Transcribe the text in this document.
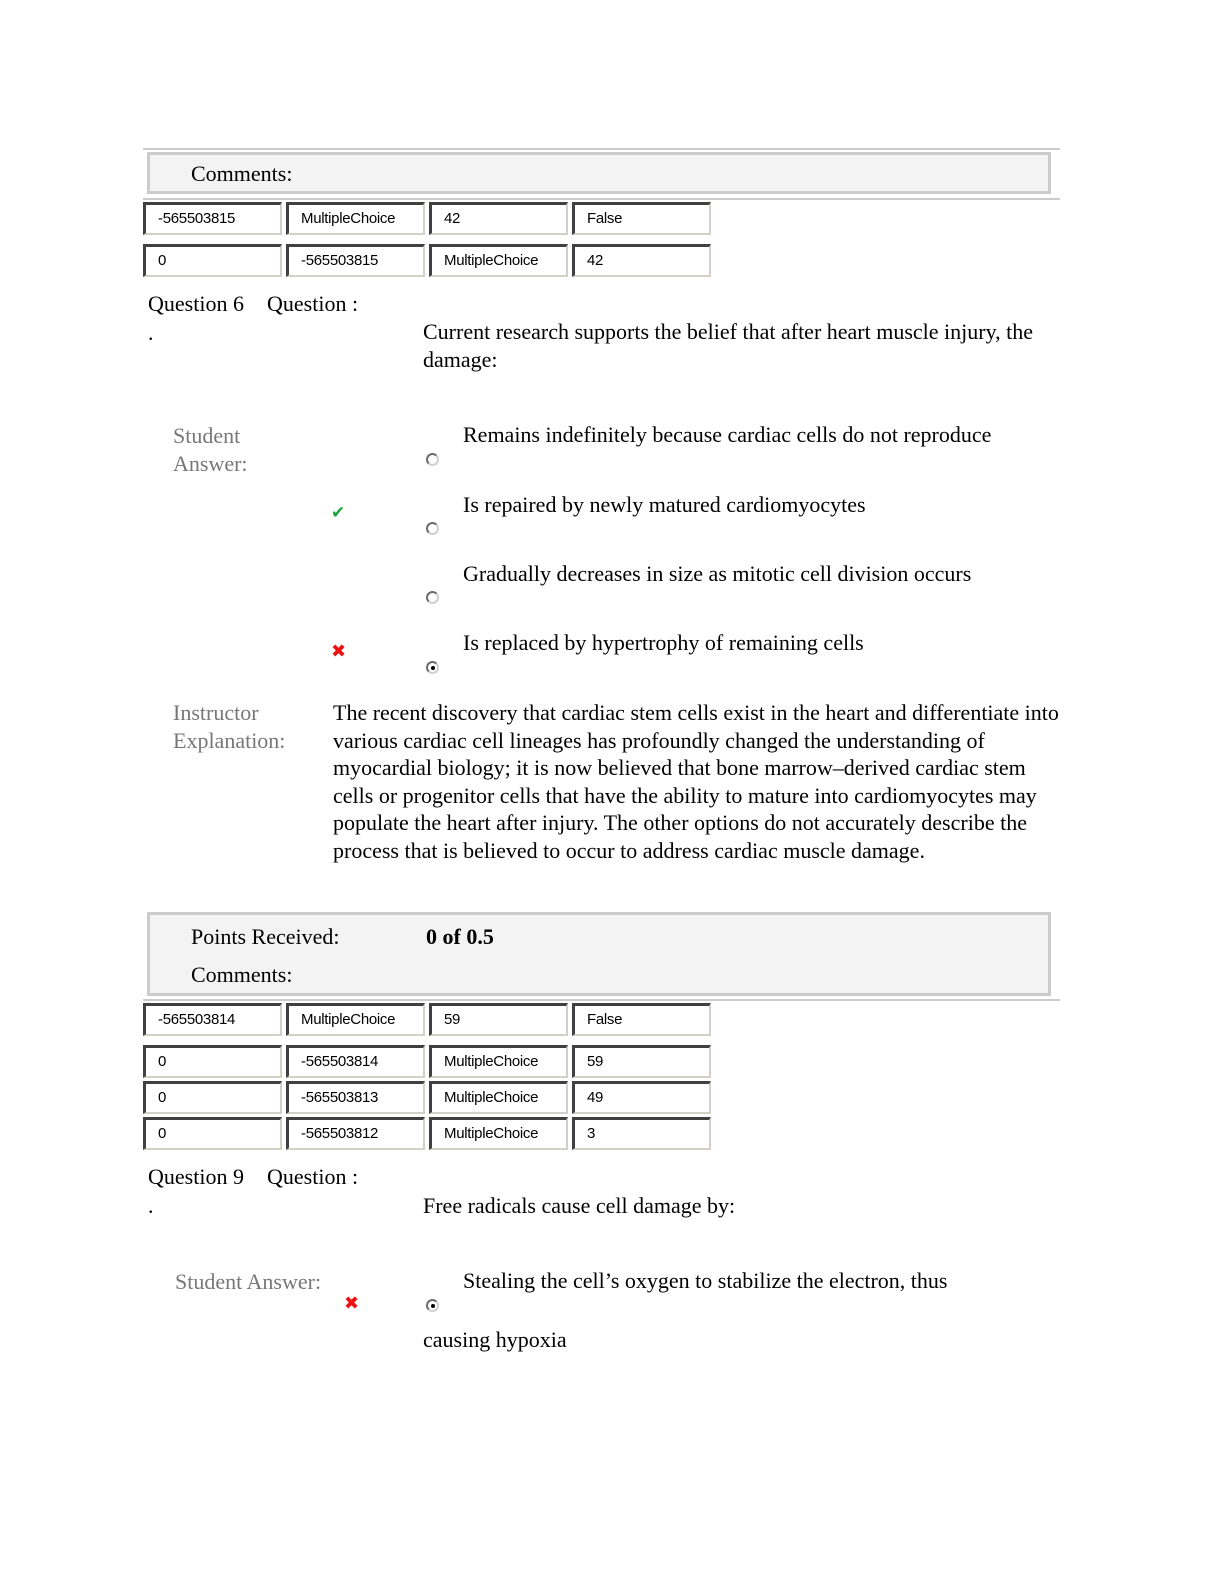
Comments:
-565503815	MultipleChoice	42	False
0	-565503815	MultipleChoice	42
Question 6 Question :
.	Current research supports the belief that after heart muscle injury, the damage:
Student
Answer:
Remains indefinitely because cardiac cells do not reproduce
✔	Is repaired by newly matured cardiomyocytes
Gradually decreases in size as mitotic cell division occurs
✖	Is replaced by hypertrophy of remaining cells
Instructor
Explanation:
The recent discovery that cardiac stem cells exist in the heart and differentiate into various cardiac cell lineages has profoundly changed the understanding of myocardial biology; it is now believed that bone marrow–derived cardiac stem cells or progenitor cells that have the ability to mature into cardiomyocytes may populate the heart after injury. The other options do not accurately describe the process that is believed to occur to address cardiac muscle damage.
Points Received:	0 of 0.5
Comments:
-565503814	MultipleChoice	59	False
0	-565503814	MultipleChoice	59
0	-565503813	MultipleChoice	49
0	-565503812	MultipleChoice	3
Question 9 Question :
.	Free radicals cause cell damage by:
Student Answer:
✖
Stealing the cell’s oxygen to stabilize the electron, thus
causing hypoxia
